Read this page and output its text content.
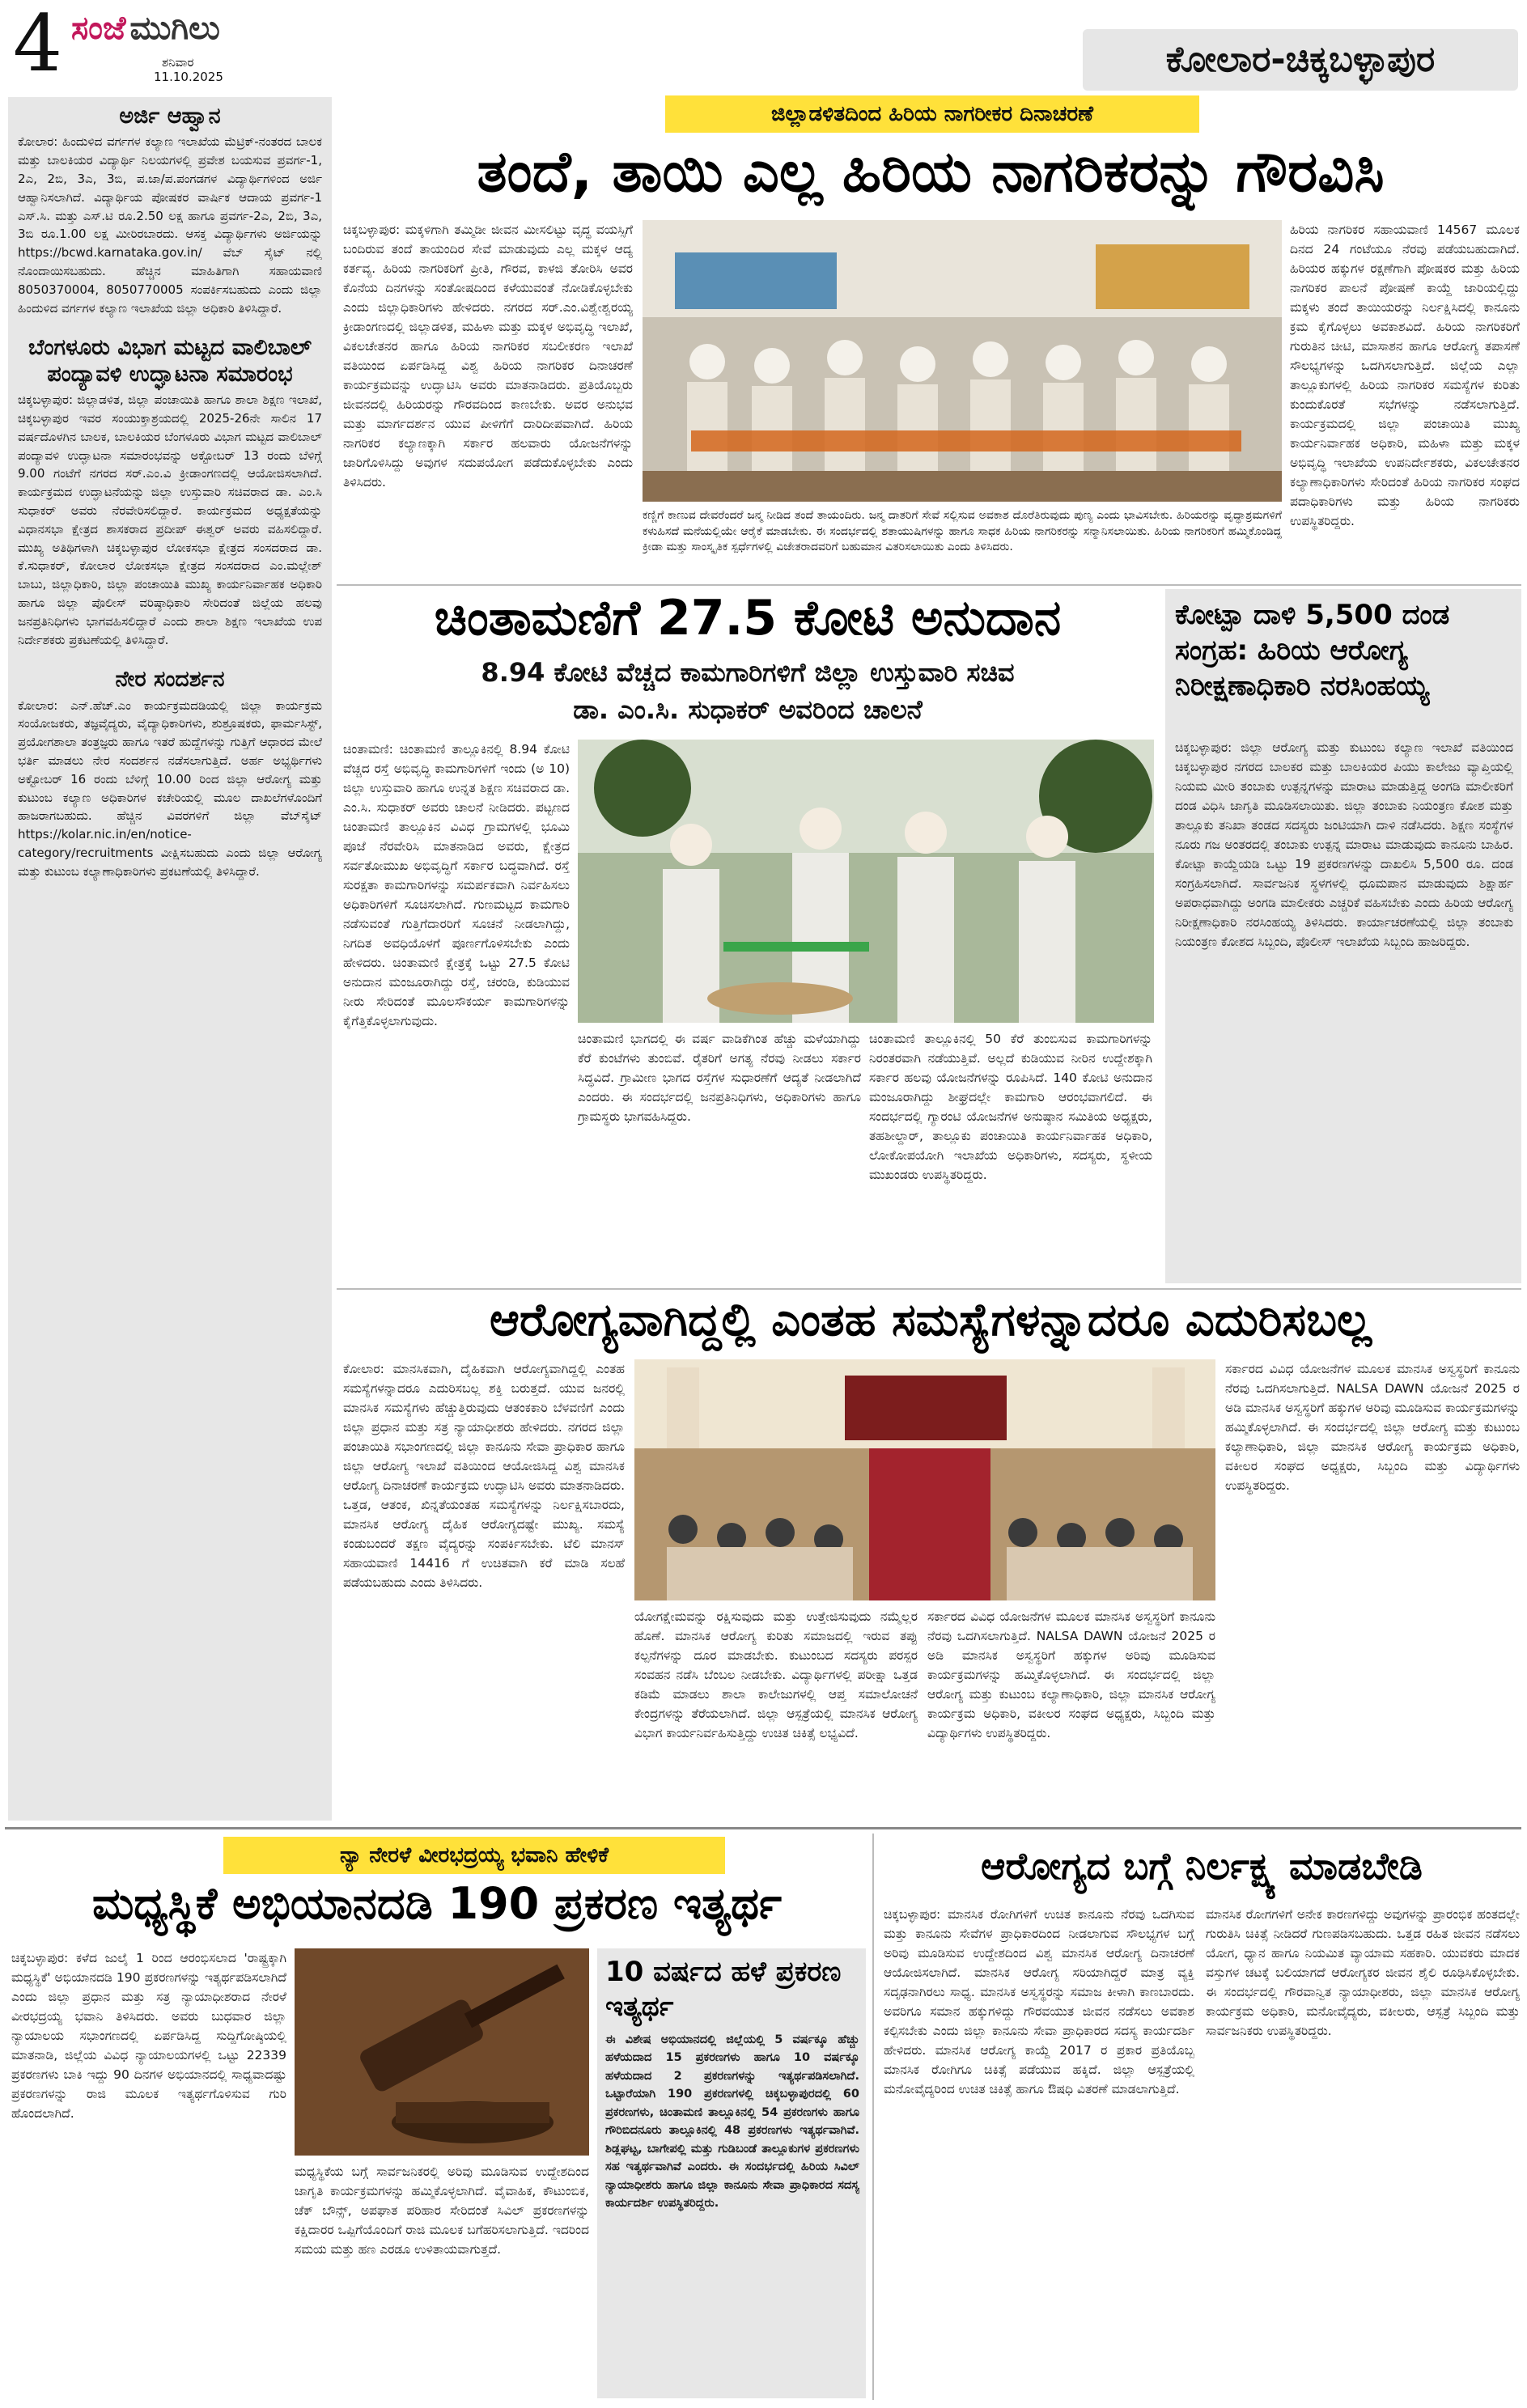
4 ಸಂಜೆ ಮುಗಿಲು
ಶನಿವಾರ
11.10.2025	ಕೋಲಾರ-ಚಿಕ್ಕಬಳ್ಳಾಪುರ
ಅರ್ಜಿ ಆಹ್ವಾನ
ಕೋಲಾರ: ಹಿಂದುಳಿದ ವರ್ಗಗಳ ಕಲ್ಯಾಣ ಇಲಾಖೆಯ ಮೆಟ್ರಿಕ್-ನಂತರದ ಬಾಲಕ ಮತ್ತು ಬಾಲಕಿಯರ ವಿದ್ಯಾರ್ಥಿ ನಿಲಯಗಳಲ್ಲಿ ಪ್ರವೇಶ ಬಯಸುವ ಪ್ರವರ್ಗ-1, 2ಎ, 2ಬಿ, 3ಎ, 3ಬಿ, ಪ.ಜಾ/ಪ.ಪಂಗಡಗಳ ವಿದ್ಯಾರ್ಥಿಗಳಿಂದ ಅರ್ಜಿ ಆಹ್ವಾನಿಸಲಾಗಿದೆ. ವಿದ್ಯಾರ್ಥಿಯ ಪೋಷಕರ ವಾರ್ಷಿಕ ಆದಾಯ ಪ್ರವರ್ಗ-1 ಎಸ್.ಸಿ. ಮತ್ತು ಎಸ್.ಟಿ ರೂ.2.50 ಲಕ್ಷ ಹಾಗೂ ಪ್ರವರ್ಗ-2ಎ, 2ಬಿ, 3ಎ, 3ಬಿ ರೂ.1.00 ಲಕ್ಷ ಮೀರಿರಬಾರದು. ಆಸಕ್ತ ವಿದ್ಯಾರ್ಥಿಗಳು ಅರ್ಜಿಯನ್ನು https://bcwd.karnataka.gov.in/ ವೆಬ್ ಸೈಟ್ ನಲ್ಲಿ ನೊಂದಾಯಿಸಬಹುದು. ಹೆಚ್ಚಿನ ಮಾಹಿತಿಗಾಗಿ ಸಹಾಯವಾಣಿ 8050370004, 8050770005 ಸಂಪರ್ಕಿಸಬಹುದು ಎಂದು ಜಿಲ್ಲಾ ಹಿಂದುಳಿದ ವರ್ಗಗಳ ಕಲ್ಯಾಣ ಇಲಾಖೆಯ ಜಿಲ್ಲಾ ಅಧಿಕಾರಿ ತಿಳಿಸಿದ್ದಾರೆ.
ಬೆಂಗಳೂರು ವಿಭಾಗ ಮಟ್ಟದ ವಾಲಿಬಾಲ್ ಪಂದ್ಯಾವಳಿ ಉದ್ಘಾಟನಾ ಸಮಾರಂಭ
ಚಿಕ್ಕಬಳ್ಳಾಪುರ: ಜಿಲ್ಲಾಡಳಿತ, ಜಿಲ್ಲಾ ಪಂಚಾಯಿತಿ ಹಾಗೂ ಶಾಲಾ ಶಿಕ್ಷಣ ಇಲಾಖೆ, ಚಿಕ್ಕಬಳ್ಳಾಪುರ ಇವರ ಸಂಯುಕ್ತಾಶ್ರಯದಲ್ಲಿ 2025-26ನೇ ಸಾಲಿನ 17 ವರ್ಷದೊಳಗಿನ ಬಾಲಕ, ಬಾಲಕಿಯರ ಬೆಂಗಳೂರು ವಿಭಾಗ ಮಟ್ಟದ ವಾಲಿಬಾಲ್ ಪಂದ್ಯಾವಳಿ ಉದ್ಘಾಟನಾ ಸಮಾರಂಭವನ್ನು ಅಕ್ಟೋಬರ್ 13 ರಂದು ಬೆಳಿಗ್ಗೆ 9.00 ಗಂಟೆಗೆ ನಗರದ ಸರ್.ಎಂ.ವಿ ಕ್ರೀಡಾಂಗಣದಲ್ಲಿ ಆಯೋಜಿಸಲಾಗಿದೆ. ಕಾರ್ಯಕ್ರಮದ ಉದ್ಘಾಟನೆಯನ್ನು ಜಿಲ್ಲಾ ಉಸ್ತುವಾರಿ ಸಚಿವರಾದ ಡಾ. ಎಂ.ಸಿ ಸುಧಾಕರ್ ಅವರು ನೆರವೇರಿಸಲಿದ್ದಾರೆ. ಕಾರ್ಯಕ್ರಮದ ಅಧ್ಯಕ್ಷತೆಯನ್ನು ವಿಧಾನಸಭಾ ಕ್ಷೇತ್ರದ ಶಾಸಕರಾದ ಪ್ರದೀಪ್ ಈಶ್ವರ್ ಅವರು ವಹಿಸಲಿದ್ದಾರೆ. ಮುಖ್ಯ ಅತಿಥಿಗಳಾಗಿ ಚಿಕ್ಕಬಳ್ಳಾಪುರ ಲೋಕಸಭಾ ಕ್ಷೇತ್ರದ ಸಂಸದರಾದ ಡಾ. ಕೆ.ಸುಧಾಕರ್, ಕೋಲಾರ ಲೋಕಸಭಾ ಕ್ಷೇತ್ರದ ಸಂಸದರಾದ ಎಂ.ಮಲ್ಲೇಶ್ ಬಾಬು, ಜಿಲ್ಲಾಧಿಕಾರಿ, ಜಿಲ್ಲಾ ಪಂಚಾಯಿತಿ ಮುಖ್ಯ ಕಾರ್ಯನಿರ್ವಾಹಕ ಅಧಿಕಾರಿ ಹಾಗೂ ಜಿಲ್ಲಾ ಪೊಲೀಸ್ ವರಿಷ್ಠಾಧಿಕಾರಿ ಸೇರಿದಂತೆ ಜಿಲ್ಲೆಯ ಹಲವು ಜನಪ್ರತಿನಿಧಿಗಳು ಭಾಗವಹಿಸಲಿದ್ದಾರೆ ಎಂದು ಶಾಲಾ ಶಿಕ್ಷಣ ಇಲಾಖೆಯ ಉಪ ನಿರ್ದೇಶಕರು ಪ್ರಕಟಣೆಯಲ್ಲಿ ತಿಳಿಸಿದ್ದಾರೆ.
ನೇರ ಸಂದರ್ಶನ
ಕೋಲಾರ: ಎನ್.ಹೆಚ್.ಎಂ ಕಾರ್ಯಕ್ರಮದಡಿಯಲ್ಲಿ ಜಿಲ್ಲಾ ಕಾರ್ಯಕ್ರಮ ಸಂಯೋಜಕರು, ತಜ್ಞವೈದ್ಯರು, ವೈದ್ಯಾಧಿಕಾರಿಗಳು, ಶುಶ್ರೂಷಕರು, ಫಾರ್ಮಸಿಸ್ಟ್, ಪ್ರಯೋಗಶಾಲಾ ತಂತ್ರಜ್ಞರು ಹಾಗೂ ಇತರೆ ಹುದ್ದೆಗಳನ್ನು ಗುತ್ತಿಗೆ ಆಧಾರದ ಮೇಲೆ ಭರ್ತಿ ಮಾಡಲು ನೇರ ಸಂದರ್ಶನ ನಡೆಸಲಾಗುತ್ತಿದೆ. ಅರ್ಹ ಅಭ್ಯರ್ಥಿಗಳು ಅಕ್ಟೋಬರ್ 16 ರಂದು ಬೆಳಿಗ್ಗೆ 10.00 ರಿಂದ ಜಿಲ್ಲಾ ಆರೋಗ್ಯ ಮತ್ತು ಕುಟುಂಬ ಕಲ್ಯಾಣ ಅಧಿಕಾರಿಗಳ ಕಚೇರಿಯಲ್ಲಿ ಮೂಲ ದಾಖಲೆಗಳೊಂದಿಗೆ ಹಾಜರಾಗಬಹುದು. ಹೆಚ್ಚಿನ ವಿವರಗಳಿಗೆ ಜಿಲ್ಲಾ ವೆಬ್‌ಸೈಟ್ https://kolar.nic.in/en/notice-category/recruitments ವೀಕ್ಷಿಸಬಹುದು ಎಂದು ಜಿಲ್ಲಾ ಆರೋಗ್ಯ ಮತ್ತು ಕುಟುಂಬ ಕಲ್ಯಾಣಾಧಿಕಾರಿಗಳು ಪ್ರಕಟಣೆಯಲ್ಲಿ ತಿಳಿಸಿದ್ದಾರೆ.
ಜಿಲ್ಲಾಡಳಿತದಿಂದ ಹಿರಿಯ ನಾಗರೀಕರ ದಿನಾಚರಣೆ
ತಂದೆ, ತಾಯಿ ಎಲ್ಲ ಹಿರಿಯ ನಾಗರಿಕರನ್ನು ಗೌರವಿಸಿ
ಚಿಕ್ಕಬಳ್ಳಾಪುರ: ಮಕ್ಕಳಿಗಾಗಿ ತಮ್ಮಿಡೀ ಜೀವನ ಮೀಸಲಿಟ್ಟು ವೃದ್ಧ ವಯಸ್ಸಿಗೆ ಬಂದಿರುವ ತಂದೆ ತಾಯಂದಿರ ಸೇವೆ ಮಾಡುವುದು ಎಲ್ಲ ಮಕ್ಕಳ ಆದ್ಯ ಕರ್ತವ್ಯ. ಹಿರಿಯ ನಾಗರಿಕರಿಗೆ ಪ್ರೀತಿ, ಗೌರವ, ಕಾಳಜಿ ತೋರಿಸಿ ಅವರ ಕೊನೆಯ ದಿನಗಳನ್ನು ಸಂತೋಷದಿಂದ ಕಳೆಯುವಂತೆ ನೋಡಿಕೊಳ್ಳಬೇಕು ಎಂದು ಜಿಲ್ಲಾಧಿಕಾರಿಗಳು ಹೇಳಿದರು. ನಗರದ ಸರ್.ಎಂ.ವಿಶ್ವೇಶ್ವರಯ್ಯ ಕ್ರೀಡಾಂಗಣದಲ್ಲಿ ಜಿಲ್ಲಾಡಳಿತ, ಮಹಿಳಾ ಮತ್ತು ಮಕ್ಕಳ ಅಭಿವೃದ್ಧಿ ಇಲಾಖೆ, ವಿಕಲಚೇತನರ ಹಾಗೂ ಹಿರಿಯ ನಾಗರಿಕರ ಸಬಲೀಕರಣ ಇಲಾಖೆ ವತಿಯಿಂದ ಏರ್ಪಡಿಸಿದ್ದ ವಿಶ್ವ ಹಿರಿಯ ನಾಗರಿಕರ ದಿನಾಚರಣೆ ಕಾರ್ಯಕ್ರಮವನ್ನು ಉದ್ಘಾಟಿಸಿ ಅವರು ಮಾತನಾಡಿದರು. ಪ್ರತಿಯೊಬ್ಬರು ಜೀವನದಲ್ಲಿ ಹಿರಿಯರನ್ನು ಗೌರವದಿಂದ ಕಾಣಬೇಕು. ಅವರ ಅನುಭವ ಮತ್ತು ಮಾರ್ಗದರ್ಶನ ಯುವ ಪೀಳಿಗೆಗೆ ದಾರಿದೀಪವಾಗಿದೆ. ಹಿರಿಯ ನಾಗರಿಕರ ಕಲ್ಯಾಣಕ್ಕಾಗಿ ಸರ್ಕಾರ ಹಲವಾರು ಯೋಜನೆಗಳನ್ನು ಜಾರಿಗೊಳಿಸಿದ್ದು ಅವುಗಳ ಸದುಪಯೋಗ ಪಡೆದುಕೊಳ್ಳಬೇಕು ಎಂದು ತಿಳಿಸಿದರು.
ಕಣ್ಣಿಗೆ ಕಾಣುವ ದೇವರೆಂದರೆ ಜನ್ಮ ನೀಡಿದ ತಂದೆ ತಾಯಂದಿರು. ಜನ್ಮ ದಾತರಿಗೆ ಸೇವೆ ಸಲ್ಲಿಸುವ ಅವಕಾಶ ದೊರೆತಿರುವುದು ಪುಣ್ಯ ಎಂದು ಭಾವಿಸಬೇಕು. ಹಿರಿಯರನ್ನು ವೃದ್ಧಾಶ್ರಮಗಳಿಗೆ ಕಳುಹಿಸದೆ ಮನೆಯಲ್ಲಿಯೇ ಆರೈಕೆ ಮಾಡಬೇಕು. ಈ ಸಂದರ್ಭದಲ್ಲಿ ಶತಾಯುಷಿಗಳನ್ನು ಹಾಗೂ ಸಾಧಕ ಹಿರಿಯ ನಾಗರಿಕರನ್ನು ಸನ್ಮಾನಿಸಲಾಯಿತು. ಹಿರಿಯ ನಾಗರಿಕರಿಗೆ ಹಮ್ಮಿಕೊಂಡಿದ್ದ ಕ್ರೀಡಾ ಮತ್ತು ಸಾಂಸ್ಕೃತಿಕ ಸ್ಪರ್ಧೆಗಳಲ್ಲಿ ವಿಜೇತರಾದವರಿಗೆ ಬಹುಮಾನ ವಿತರಿಸಲಾಯಿತು ಎಂದು ತಿಳಿಸಿದರು.
ಹಿರಿಯ ನಾಗರಿಕರ ಸಹಾಯವಾಣಿ 14567 ಮೂಲಕ ದಿನದ 24 ಗಂಟೆಯೂ ನೆರವು ಪಡೆಯಬಹುದಾಗಿದೆ. ಹಿರಿಯರ ಹಕ್ಕುಗಳ ರಕ್ಷಣೆಗಾಗಿ ಪೋಷಕರ ಮತ್ತು ಹಿರಿಯ ನಾಗರಿಕರ ಪಾಲನೆ ಪೋಷಣೆ ಕಾಯ್ದೆ ಜಾರಿಯಲ್ಲಿದ್ದು ಮಕ್ಕಳು ತಂದೆ ತಾಯಿಯರನ್ನು ನಿರ್ಲಕ್ಷಿಸಿದಲ್ಲಿ ಕಾನೂನು ಕ್ರಮ ಕೈಗೊಳ್ಳಲು ಅವಕಾಶವಿದೆ. ಹಿರಿಯ ನಾಗರಿಕರಿಗೆ ಗುರುತಿನ ಚೀಟಿ, ಮಾಸಾಶನ ಹಾಗೂ ಆರೋಗ್ಯ ತಪಾಸಣೆ ಸೌಲಭ್ಯಗಳನ್ನು ಒದಗಿಸಲಾಗುತ್ತಿದೆ. ಜಿಲ್ಲೆಯ ಎಲ್ಲಾ ತಾಲ್ಲೂಕುಗಳಲ್ಲಿ ಹಿರಿಯ ನಾಗರಿಕರ ಸಮಸ್ಯೆಗಳ ಕುರಿತು ಕುಂದುಕೊರತೆ ಸಭೆಗಳನ್ನು ನಡೆಸಲಾಗುತ್ತಿದೆ. ಕಾರ್ಯಕ್ರಮದಲ್ಲಿ ಜಿಲ್ಲಾ ಪಂಚಾಯಿತಿ ಮುಖ್ಯ ಕಾರ್ಯನಿರ್ವಾಹಕ ಅಧಿಕಾರಿ, ಮಹಿಳಾ ಮತ್ತು ಮಕ್ಕಳ ಅಭಿವೃದ್ಧಿ ಇಲಾಖೆಯ ಉಪನಿರ್ದೇಶಕರು, ವಿಕಲಚೇತನರ ಕಲ್ಯಾಣಾಧಿಕಾರಿಗಳು ಸೇರಿದಂತೆ ಹಿರಿಯ ನಾಗರಿಕರ ಸಂಘದ ಪದಾಧಿಕಾರಿಗಳು ಮತ್ತು ಹಿರಿಯ ನಾಗರಿಕರು ಉಪಸ್ಥಿತರಿದ್ದರು.
ಚಿಂತಾಮಣಿಗೆ 27.5 ಕೋಟಿ ಅನುದಾನ
8.94 ಕೋಟಿ ವೆಚ್ಚದ ಕಾಮಗಾರಿಗಳಿಗೆ ಜಿಲ್ಲಾ ಉಸ್ತುವಾರಿ ಸಚಿವ
ಡಾ. ಎಂ.ಸಿ. ಸುಧಾಕರ್ ಅವರಿಂದ ಚಾಲನೆ
ಚಿಂತಾಮಣಿ: ಚಿಂತಾಮಣಿ ತಾಲ್ಲೂಕಿನಲ್ಲಿ 8.94 ಕೋಟಿ ವೆಚ್ಚದ ರಸ್ತೆ ಅಭಿವೃದ್ಧಿ ಕಾಮಗಾರಿಗಳಿಗೆ ಇಂದು (ಅ 10) ಜಿಲ್ಲಾ ಉಸ್ತುವಾರಿ ಹಾಗೂ ಉನ್ನತ ಶಿಕ್ಷಣ ಸಚಿವರಾದ ಡಾ. ಎಂ.ಸಿ. ಸುಧಾಕರ್ ಅವರು ಚಾಲನೆ ನೀಡಿದರು. ಪಟ್ಟಣದ ಚಿಂತಾಮಣಿ ತಾಲ್ಲೂಕಿನ ವಿವಿಧ ಗ್ರಾಮಗಳಲ್ಲಿ ಭೂಮಿ ಪೂಜೆ ನೆರವೇರಿಸಿ ಮಾತನಾಡಿದ ಅವರು, ಕ್ಷೇತ್ರದ ಸರ್ವತೋಮುಖ ಅಭಿವೃದ್ಧಿಗೆ ಸರ್ಕಾರ ಬದ್ಧವಾಗಿದೆ. ರಸ್ತೆ ಸುರಕ್ಷತಾ ಕಾಮಗಾರಿಗಳನ್ನು ಸಮರ್ಪಕವಾಗಿ ನಿರ್ವಹಿಸಲು ಅಧಿಕಾರಿಗಳಿಗೆ ಸೂಚಿಸಲಾಗಿದೆ. ಗುಣಮಟ್ಟದ ಕಾಮಗಾರಿ ನಡೆಸುವಂತೆ ಗುತ್ತಿಗೆದಾರರಿಗೆ ಸೂಚನೆ ನೀಡಲಾಗಿದ್ದು, ನಿಗದಿತ ಅವಧಿಯೊಳಗೆ ಪೂರ್ಣಗೊಳಿಸಬೇಕು ಎಂದು ಹೇಳಿದರು. ಚಿಂತಾಮಣಿ ಕ್ಷೇತ್ರಕ್ಕೆ ಒಟ್ಟು 27.5 ಕೋಟಿ ಅನುದಾನ ಮಂಜೂರಾಗಿದ್ದು ರಸ್ತೆ, ಚರಂಡಿ, ಕುಡಿಯುವ ನೀರು ಸೇರಿದಂತೆ ಮೂಲಸೌಕರ್ಯ ಕಾಮಗಾರಿಗಳನ್ನು ಕೈಗೆತ್ತಿಕೊಳ್ಳಲಾಗುವುದು.
ಚಿಂತಾಮಣಿ ಭಾಗದಲ್ಲಿ ಈ ವರ್ಷ ವಾಡಿಕೆಗಿಂತ ಹೆಚ್ಚು ಮಳೆಯಾಗಿದ್ದು ಕೆರೆ ಕುಂಟೆಗಳು ತುಂಬಿವೆ. ರೈತರಿಗೆ ಅಗತ್ಯ ನೆರವು ನೀಡಲು ಸರ್ಕಾರ ಸಿದ್ಧವಿದೆ. ಗ್ರಾಮೀಣ ಭಾಗದ ರಸ್ತೆಗಳ ಸುಧಾರಣೆಗೆ ಆದ್ಯತೆ ನೀಡಲಾಗಿದೆ ಎಂದರು. ಈ ಸಂದರ್ಭದಲ್ಲಿ ಜನಪ್ರತಿನಿಧಿಗಳು, ಅಧಿಕಾರಿಗಳು ಹಾಗೂ ಗ್ರಾಮಸ್ಥರು ಭಾಗವಹಿಸಿದ್ದರು.
ಚಿಂತಾಮಣಿ ತಾಲ್ಲೂಕಿನಲ್ಲಿ 50 ಕೆರೆ ತುಂಬಿಸುವ ಕಾಮಗಾರಿಗಳನ್ನು ನಿರಂತರವಾಗಿ ನಡೆಯುತ್ತಿವೆ. ಅಲ್ಲದೆ ಕುಡಿಯುವ ನೀರಿನ ಉದ್ದೇಶಕ್ಕಾಗಿ ಸರ್ಕಾರ ಹಲವು ಯೋಜನೆಗಳನ್ನು ರೂಪಿಸಿದೆ. 140 ಕೋಟಿ ಅನುದಾನ ಮಂಜೂರಾಗಿದ್ದು ಶೀಘ್ರದಲ್ಲೇ ಕಾಮಗಾರಿ ಆರಂಭವಾಗಲಿದೆ. ಈ ಸಂದರ್ಭದಲ್ಲಿ ಗ್ಯಾರಂಟಿ ಯೋಜನೆಗಳ ಅನುಷ್ಠಾನ ಸಮಿತಿಯ ಅಧ್ಯಕ್ಷರು, ತಹಶೀಲ್ದಾರ್, ತಾಲ್ಲೂಕು ಪಂಚಾಯಿತಿ ಕಾರ್ಯನಿರ್ವಾಹಕ ಅಧಿಕಾರಿ, ಲೋಕೋಪಯೋಗಿ ಇಲಾಖೆಯ ಅಧಿಕಾರಿಗಳು, ಸದಸ್ಯರು, ಸ್ಥಳೀಯ ಮುಖಂಡರು ಉಪಸ್ಥಿತರಿದ್ದರು.
ಕೋಟ್ಪಾ ದಾಳಿ 5,500 ದಂಡ ಸಂಗ್ರಹ: ಹಿರಿಯ ಆರೋಗ್ಯ ನಿರೀಕ್ಷಣಾಧಿಕಾರಿ ನರಸಿಂಹಯ್ಯ
ಚಿಕ್ಕಬಳ್ಳಾಪುರ: ಜಿಲ್ಲಾ ಆರೋಗ್ಯ ಮತ್ತು ಕುಟುಂಬ ಕಲ್ಯಾಣ ಇಲಾಖೆ ವತಿಯಿಂದ ಚಿಕ್ಕಬಳ್ಳಾಪುರ ನಗರದ ಬಾಲಕರ ಮತ್ತು ಬಾಲಕಿಯರ ಪಿಯು ಕಾಲೇಜು ವ್ಯಾಪ್ತಿಯಲ್ಲಿ ನಿಯಮ ಮೀರಿ ತಂಬಾಕು ಉತ್ಪನ್ನಗಳನ್ನು ಮಾರಾಟ ಮಾಡುತ್ತಿದ್ದ ಅಂಗಡಿ ಮಾಲೀಕರಿಗೆ ದಂಡ ವಿಧಿಸಿ ಜಾಗೃತಿ ಮೂಡಿಸಲಾಯಿತು. ಜಿಲ್ಲಾ ತಂಬಾಕು ನಿಯಂತ್ರಣ ಕೋಶ ಮತ್ತು ತಾಲ್ಲೂಕು ತನಿಖಾ ತಂಡದ ಸದಸ್ಯರು ಜಂಟಿಯಾಗಿ ದಾಳಿ ನಡೆಸಿದರು. ಶಿಕ್ಷಣ ಸಂಸ್ಥೆಗಳ ನೂರು ಗಜ ಅಂತರದಲ್ಲಿ ತಂಬಾಕು ಉತ್ಪನ್ನ ಮಾರಾಟ ಮಾಡುವುದು ಕಾನೂನು ಬಾಹಿರ. ಕೋಟ್ಪಾ ಕಾಯ್ದೆಯಡಿ ಒಟ್ಟು 19 ಪ್ರಕರಣಗಳನ್ನು ದಾಖಲಿಸಿ 5,500 ರೂ. ದಂಡ ಸಂಗ್ರಹಿಸಲಾಗಿದೆ. ಸಾರ್ವಜನಿಕ ಸ್ಥಳಗಳಲ್ಲಿ ಧೂಮಪಾನ ಮಾಡುವುದು ಶಿಕ್ಷಾರ್ಹ ಅಪರಾಧವಾಗಿದ್ದು ಅಂಗಡಿ ಮಾಲೀಕರು ಎಚ್ಚರಿಕೆ ವಹಿಸಬೇಕು ಎಂದು ಹಿರಿಯ ಆರೋಗ್ಯ ನಿರೀಕ್ಷಣಾಧಿಕಾರಿ ನರಸಿಂಹಯ್ಯ ತಿಳಿಸಿದರು. ಕಾರ್ಯಾಚರಣೆಯಲ್ಲಿ ಜಿಲ್ಲಾ ತಂಬಾಕು ನಿಯಂತ್ರಣ ಕೋಶದ ಸಿಬ್ಬಂದಿ, ಪೊಲೀಸ್ ಇಲಾಖೆಯ ಸಿಬ್ಬಂದಿ ಹಾಜರಿದ್ದರು.
ಆರೋಗ್ಯವಾಗಿದ್ದಲ್ಲಿ ಎಂತಹ ಸಮಸ್ಯೆಗಳನ್ನಾದರೂ ಎದುರಿಸಬಲ್ಲ
ಕೋಲಾರ: ಮಾನಸಿಕವಾಗಿ, ದೈಹಿಕವಾಗಿ ಆರೋಗ್ಯವಾಗಿದ್ದಲ್ಲಿ ಎಂತಹ ಸಮಸ್ಯೆಗಳನ್ನಾದರೂ ಎದುರಿಸಬಲ್ಲ ಶಕ್ತಿ ಬರುತ್ತದೆ. ಯುವ ಜನರಲ್ಲಿ ಮಾನಸಿಕ ಸಮಸ್ಯೆಗಳು ಹೆಚ್ಚುತ್ತಿರುವುದು ಆತಂಕಕಾರಿ ಬೆಳವಣಿಗೆ ಎಂದು ಜಿಲ್ಲಾ ಪ್ರಧಾನ ಮತ್ತು ಸತ್ರ ನ್ಯಾಯಾಧೀಶರು ಹೇಳಿದರು. ನಗರದ ಜಿಲ್ಲಾ ಪಂಚಾಯಿತಿ ಸಭಾಂಗಣದಲ್ಲಿ ಜಿಲ್ಲಾ ಕಾನೂನು ಸೇವಾ ಪ್ರಾಧಿಕಾರ ಹಾಗೂ ಜಿಲ್ಲಾ ಆರೋಗ್ಯ ಇಲಾಖೆ ವತಿಯಿಂದ ಆಯೋಜಿಸಿದ್ದ ವಿಶ್ವ ಮಾನಸಿಕ ಆರೋಗ್ಯ ದಿನಾಚರಣೆ ಕಾರ್ಯಕ್ರಮ ಉದ್ಘಾಟಿಸಿ ಅವರು ಮಾತನಾಡಿದರು. ಒತ್ತಡ, ಆತಂಕ, ಖಿನ್ನತೆಯಂತಹ ಸಮಸ್ಯೆಗಳನ್ನು ನಿರ್ಲಕ್ಷಿಸಬಾರದು, ಮಾನಸಿಕ ಆರೋಗ್ಯ ದೈಹಿಕ ಆರೋಗ್ಯದಷ್ಟೇ ಮುಖ್ಯ. ಸಮಸ್ಯೆ ಕಂಡುಬಂದರೆ ತಕ್ಷಣ ವೈದ್ಯರನ್ನು ಸಂಪರ್ಕಿಸಬೇಕು. ಟೆಲಿ ಮಾನಸ್ ಸಹಾಯವಾಣಿ 14416 ಗೆ ಉಚಿತವಾಗಿ ಕರೆ ಮಾಡಿ ಸಲಹೆ ಪಡೆಯಬಹುದು ಎಂದು ತಿಳಿಸಿದರು.
ಯೋಗಕ್ಷೇಮವನ್ನು ರಕ್ಷಿಸುವುದು ಮತ್ತು ಉತ್ತೇಜಿಸುವುದು ನಮ್ಮೆಲ್ಲರ ಹೊಣೆ. ಮಾನಸಿಕ ಆರೋಗ್ಯ ಕುರಿತು ಸಮಾಜದಲ್ಲಿ ಇರುವ ತಪ್ಪು ಕಲ್ಪನೆಗಳನ್ನು ದೂರ ಮಾಡಬೇಕು. ಕುಟುಂಬದ ಸದಸ್ಯರು ಪರಸ್ಪರ ಸಂವಹನ ನಡೆಸಿ ಬೆಂಬಲ ನೀಡಬೇಕು. ವಿದ್ಯಾರ್ಥಿಗಳಲ್ಲಿ ಪರೀಕ್ಷಾ ಒತ್ತಡ ಕಡಿಮೆ ಮಾಡಲು ಶಾಲಾ ಕಾಲೇಜುಗಳಲ್ಲಿ ಆಪ್ತ ಸಮಾಲೋಚನೆ ಕೇಂದ್ರಗಳನ್ನು ತೆರೆಯಲಾಗಿದೆ. ಜಿಲ್ಲಾ ಆಸ್ಪತ್ರೆಯಲ್ಲಿ ಮಾನಸಿಕ ಆರೋಗ್ಯ ವಿಭಾಗ ಕಾರ್ಯನಿರ್ವಹಿಸುತ್ತಿದ್ದು ಉಚಿತ ಚಿಕಿತ್ಸೆ ಲಭ್ಯವಿದೆ.
ಸರ್ಕಾರದ ವಿವಿಧ ಯೋಜನೆಗಳ ಮೂಲಕ ಮಾನಸಿಕ ಅಸ್ವಸ್ಥರಿಗೆ ಕಾನೂನು ನೆರವು ಒದಗಿಸಲಾಗುತ್ತಿದೆ. NALSA DAWN ಯೋಜನೆ 2025 ರ ಅಡಿ ಮಾನಸಿಕ ಅಸ್ವಸ್ಥರಿಗೆ ಹಕ್ಕುಗಳ ಅರಿವು ಮೂಡಿಸುವ ಕಾರ್ಯಕ್ರಮಗಳನ್ನು ಹಮ್ಮಿಕೊಳ್ಳಲಾಗಿದೆ. ಈ ಸಂದರ್ಭದಲ್ಲಿ ಜಿಲ್ಲಾ ಆರೋಗ್ಯ ಮತ್ತು ಕುಟುಂಬ ಕಲ್ಯಾಣಾಧಿಕಾರಿ, ಜಿಲ್ಲಾ ಮಾನಸಿಕ ಆರೋಗ್ಯ ಕಾರ್ಯಕ್ರಮ ಅಧಿಕಾರಿ, ವಕೀಲರ ಸಂಘದ ಅಧ್ಯಕ್ಷರು, ಸಿಬ್ಬಂದಿ ಮತ್ತು ವಿದ್ಯಾರ್ಥಿಗಳು ಉಪಸ್ಥಿತರಿದ್ದರು.
ಸರ್ಕಾರದ ವಿವಿಧ ಯೋಜನೆಗಳ ಮೂಲಕ ಮಾನಸಿಕ ಅಸ್ವಸ್ಥರಿಗೆ ಕಾನೂನು ನೆರವು ಒದಗಿಸಲಾಗುತ್ತಿದೆ. NALSA DAWN ಯೋಜನೆ 2025 ರ ಅಡಿ ಮಾನಸಿಕ ಅಸ್ವಸ್ಥರಿಗೆ ಹಕ್ಕುಗಳ ಅರಿವು ಮೂಡಿಸುವ ಕಾರ್ಯಕ್ರಮಗಳನ್ನು ಹಮ್ಮಿಕೊಳ್ಳಲಾಗಿದೆ. ಈ ಸಂದರ್ಭದಲ್ಲಿ ಜಿಲ್ಲಾ ಆರೋಗ್ಯ ಮತ್ತು ಕುಟುಂಬ ಕಲ್ಯಾಣಾಧಿಕಾರಿ, ಜಿಲ್ಲಾ ಮಾನಸಿಕ ಆರೋಗ್ಯ ಕಾರ್ಯಕ್ರಮ ಅಧಿಕಾರಿ, ವಕೀಲರ ಸಂಘದ ಅಧ್ಯಕ್ಷರು, ಸಿಬ್ಬಂದಿ ಮತ್ತು ವಿದ್ಯಾರ್ಥಿಗಳು ಉಪಸ್ಥಿತರಿದ್ದರು.
ನ್ಯಾ ನೇರಳೆ ವೀರಭದ್ರಯ್ಯ ಭವಾನಿ ಹೇಳಿಕೆ
ಮಧ್ಯಸ್ಥಿಕೆ ಅಭಿಯಾನದಡಿ 190 ಪ್ರಕರಣ ಇತ್ಯರ್ಥ
ಚಿಕ್ಕಬಳ್ಳಾಪುರ: ಕಳೆದ ಜುಲೈ 1 ರಿಂದ ಆರಂಭಿಸಲಾದ 'ರಾಷ್ಟ್ರಕ್ಕಾಗಿ ಮಧ್ಯಸ್ಥಿಕೆ' ಅಭಿಯಾನದಡಿ 190 ಪ್ರಕರಣಗಳನ್ನು ಇತ್ಯರ್ಥಪಡಿಸಲಾಗಿದೆ ಎಂದು ಜಿಲ್ಲಾ ಪ್ರಧಾನ ಮತ್ತು ಸತ್ರ ನ್ಯಾಯಾಧೀಶರಾದ ನೇರಳೆ ವೀರಭದ್ರಯ್ಯ ಭವಾನಿ ತಿಳಿಸಿದರು. ಅವರು ಬುಧವಾರ ಜಿಲ್ಲಾ ನ್ಯಾಯಾಲಯ ಸಭಾಂಗಣದಲ್ಲಿ ಏರ್ಪಡಿಸಿದ್ದ ಸುದ್ದಿಗೋಷ್ಠಿಯಲ್ಲಿ ಮಾತನಾಡಿ, ಜಿಲ್ಲೆಯ ವಿವಿಧ ನ್ಯಾಯಾಲಯಗಳಲ್ಲಿ ಒಟ್ಟು 22339 ಪ್ರಕರಣಗಳು ಬಾಕಿ ಇದ್ದು 90 ದಿನಗಳ ಅಭಿಯಾನದಲ್ಲಿ ಸಾಧ್ಯವಾದಷ್ಟು ಪ್ರಕರಣಗಳನ್ನು ರಾಜಿ ಮೂಲಕ ಇತ್ಯರ್ಥಗೊಳಿಸುವ ಗುರಿ ಹೊಂದಲಾಗಿದೆ.
ಮಧ್ಯಸ್ಥಿಕೆಯ ಬಗ್ಗೆ ಸಾರ್ವಜನಿಕರಲ್ಲಿ ಅರಿವು ಮೂಡಿಸುವ ಉದ್ದೇಶದಿಂದ ಜಾಗೃತಿ ಕಾರ್ಯಕ್ರಮಗಳನ್ನು ಹಮ್ಮಿಕೊಳ್ಳಲಾಗಿದೆ. ವೈವಾಹಿಕ, ಕೌಟುಂಬಿಕ, ಚೆಕ್ ಬೌನ್ಸ್, ಅಪಘಾತ ಪರಿಹಾರ ಸೇರಿದಂತೆ ಸಿವಿಲ್ ಪ್ರಕರಣಗಳನ್ನು ಕಕ್ಷಿದಾರರ ಒಪ್ಪಿಗೆಯೊಂದಿಗೆ ರಾಜಿ ಮೂಲಕ ಬಗೆಹರಿಸಲಾಗುತ್ತಿದೆ. ಇದರಿಂದ ಸಮಯ ಮತ್ತು ಹಣ ಎರಡೂ ಉಳಿತಾಯವಾಗುತ್ತದೆ.
10 ವರ್ಷದ ಹಳೆ ಪ್ರಕರಣ ಇತ್ಯರ್ಥ
ಈ ವಿಶೇಷ ಅಭಿಯಾನದಲ್ಲಿ ಜಿಲ್ಲೆಯಲ್ಲಿ 5 ವರ್ಷಕ್ಕೂ ಹೆಚ್ಚು ಹಳೆಯದಾದ 15 ಪ್ರಕರಣಗಳು ಹಾಗೂ 10 ವರ್ಷಕ್ಕೂ ಹಳೆಯದಾದ 2 ಪ್ರಕರಣಗಳನ್ನು ಇತ್ಯರ್ಥಪಡಿಸಲಾಗಿದೆ. ಒಟ್ಟಾರೆಯಾಗಿ 190 ಪ್ರಕರಣಗಳಲ್ಲಿ ಚಿಕ್ಕಬಳ್ಳಾಪುರದಲ್ಲಿ 60 ಪ್ರಕರಣಗಳು, ಚಿಂತಾಮಣಿ ತಾಲ್ಲೂಕಿನಲ್ಲಿ 54 ಪ್ರಕರಣಗಳು ಹಾಗೂ ಗೌರಿಬಿದನೂರು ತಾಲ್ಲೂಕಿನಲ್ಲಿ 48 ಪ್ರಕರಣಗಳು ಇತ್ಯರ್ಥವಾಗಿವೆ. ಶಿಡ್ಲಘಟ್ಟ, ಬಾಗೇಪಲ್ಲಿ ಮತ್ತು ಗುಡಿಬಂಡೆ ತಾಲ್ಲೂಕುಗಳ ಪ್ರಕರಣಗಳು ಸಹ ಇತ್ಯರ್ಥವಾಗಿವೆ ಎಂದರು. ಈ ಸಂದರ್ಭದಲ್ಲಿ ಹಿರಿಯ ಸಿವಿಲ್ ನ್ಯಾಯಾಧೀಶರು ಹಾಗೂ ಜಿಲ್ಲಾ ಕಾನೂನು ಸೇವಾ ಪ್ರಾಧಿಕಾರದ ಸದಸ್ಯ ಕಾರ್ಯದರ್ಶಿ ಉಪಸ್ಥಿತರಿದ್ದರು.
ಆರೋಗ್ಯದ ಬಗ್ಗೆ ನಿರ್ಲಕ್ಷ್ಯ ಮಾಡಬೇಡಿ
ಚಿಕ್ಕಬಳ್ಳಾಪುರ: ಮಾನಸಿಕ ರೋಗಿಗಳಿಗೆ ಉಚಿತ ಕಾನೂನು ನೆರವು ಒದಗಿಸುವ ಮತ್ತು ಕಾನೂನು ಸೇವೆಗಳ ಪ್ರಾಧಿಕಾರದಿಂದ ನೀಡಲಾಗುವ ಸೌಲಭ್ಯಗಳ ಬಗ್ಗೆ ಅರಿವು ಮೂಡಿಸುವ ಉದ್ದೇಶದಿಂದ ವಿಶ್ವ ಮಾನಸಿಕ ಆರೋಗ್ಯ ದಿನಾಚರಣೆ ಆಯೋಜಿಸಲಾಗಿದೆ. ಮಾನಸಿಕ ಆರೋಗ್ಯ ಸರಿಯಾಗಿದ್ದರೆ ಮಾತ್ರ ವ್ಯಕ್ತಿ ಸದೃಢನಾಗಿರಲು ಸಾಧ್ಯ. ಮಾನಸಿಕ ಅಸ್ವಸ್ಥರನ್ನು ಸಮಾಜ ಕೀಳಾಗಿ ಕಾಣಬಾರದು. ಅವರಿಗೂ ಸಮಾನ ಹಕ್ಕುಗಳಿದ್ದು ಗೌರವಯುತ ಜೀವನ ನಡೆಸಲು ಅವಕಾಶ ಕಲ್ಪಿಸಬೇಕು ಎಂದು ಜಿಲ್ಲಾ ಕಾನೂನು ಸೇವಾ ಪ್ರಾಧಿಕಾರದ ಸದಸ್ಯ ಕಾರ್ಯದರ್ಶಿ ಹೇಳಿದರು. ಮಾನಸಿಕ ಆರೋಗ್ಯ ಕಾಯ್ದೆ 2017 ರ ಪ್ರಕಾರ ಪ್ರತಿಯೊಬ್ಬ ಮಾನಸಿಕ ರೋಗಿಗೂ ಚಿಕಿತ್ಸೆ ಪಡೆಯುವ ಹಕ್ಕಿದೆ. ಜಿಲ್ಲಾ ಆಸ್ಪತ್ರೆಯಲ್ಲಿ ಮನೋವೈದ್ಯರಿಂದ ಉಚಿತ ಚಿಕಿತ್ಸೆ ಹಾಗೂ ಔಷಧಿ ವಿತರಣೆ ಮಾಡಲಾಗುತ್ತಿದೆ.
ಮಾನಸಿಕ ರೋಗಗಳಿಗೆ ಅನೇಕ ಕಾರಣಗಳಿದ್ದು ಅವುಗಳನ್ನು ಪ್ರಾರಂಭಿಕ ಹಂತದಲ್ಲೇ ಗುರುತಿಸಿ ಚಿಕಿತ್ಸೆ ನೀಡಿದರೆ ಗುಣಪಡಿಸಬಹುದು. ಒತ್ತಡ ರಹಿತ ಜೀವನ ನಡೆಸಲು ಯೋಗ, ಧ್ಯಾನ ಹಾಗೂ ನಿಯಮಿತ ವ್ಯಾಯಾಮ ಸಹಕಾರಿ. ಯುವಕರು ಮಾದಕ ವಸ್ತುಗಳ ಚಟಕ್ಕೆ ಬಲಿಯಾಗದೆ ಆರೋಗ್ಯಕರ ಜೀವನ ಶೈಲಿ ರೂಢಿಸಿಕೊಳ್ಳಬೇಕು. ಈ ಸಂದರ್ಭದಲ್ಲಿ ಗೌರವಾನ್ವಿತ ನ್ಯಾಯಾಧೀಶರು, ಜಿಲ್ಲಾ ಮಾನಸಿಕ ಆರೋಗ್ಯ ಕಾರ್ಯಕ್ರಮ ಅಧಿಕಾರಿ, ಮನೋವೈದ್ಯರು, ವಕೀಲರು, ಆಸ್ಪತ್ರೆ ಸಿಬ್ಬಂದಿ ಮತ್ತು ಸಾರ್ವಜನಿಕರು ಉಪಸ್ಥಿತರಿದ್ದರು.
